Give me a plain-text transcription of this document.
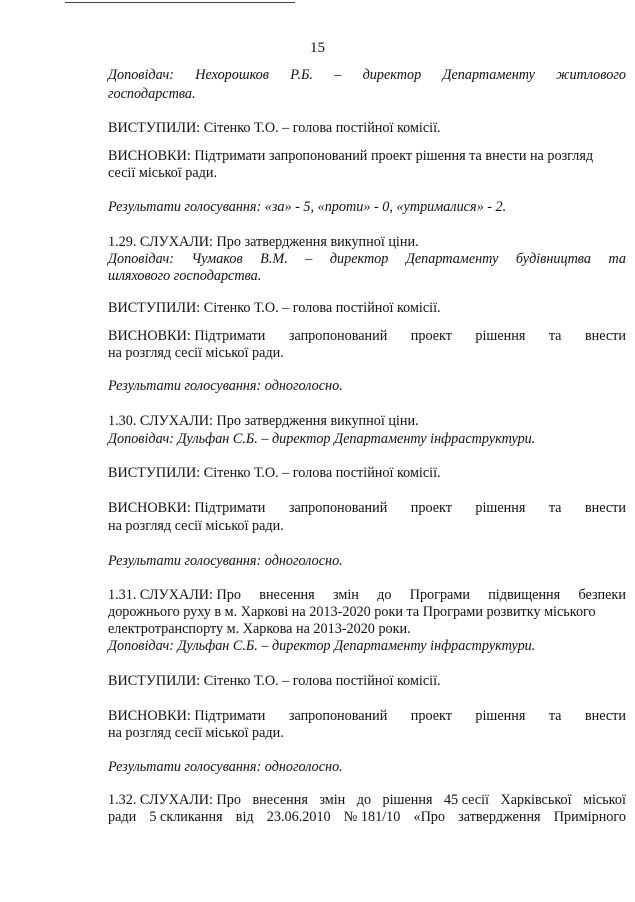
15
Доповідач: Нехорошков Р.Б. – директор Департаменту житлового
господарства.
ВИСТУПИЛИ: Сітенко Т.О. – голова постійної комісії.
ВИСНОВКИ: Підтримати запропонований проект рішення та внести на розгляд
сесії міської ради.
Результати голосування: «за» - 5, «проти» - 0, «утрималися» - 2.
1.29. СЛУХАЛИ: Про затвердження викупної ціни.
Доповідач: Чумаков В.М. – директор Департаменту будівництва та
шляхового господарства.
ВИСТУПИЛИ: Сітенко Т.О. – голова постійної комісії.
ВИСНОВКИ: Підтримати запропонований проект рішення та внести
на розгляд сесії міської ради.
Результати голосування: одноголосно.
1.30. СЛУХАЛИ: Про затвердження викупної ціни.
Доповідач: Дульфан С.Б. – директор Департаменту інфраструктури.
ВИСТУПИЛИ: Сітенко Т.О. – голова постійної комісії.
ВИСНОВКИ: Підтримати запропонований проект рішення та внести
на розгляд сесії міської ради.
Результати голосування: одноголосно.
1.31. СЛУХАЛИ: Про внесення змін до Програми підвищення безпеки
дорожнього руху в м. Харкові на 2013-2020 роки та Програми розвитку міського
електротранспорту м. Харкова на 2013-2020 роки.
Доповідач: Дульфан С.Б. – директор Департаменту інфраструктури.
ВИСТУПИЛИ: Сітенко Т.О. – голова постійної комісії.
ВИСНОВКИ: Підтримати запропонований проект рішення та внести
на розгляд сесії міської ради.
Результати голосування: одноголосно.
1.32. СЛУХАЛИ: Про внесення змін до рішення 45 сесії Харківської міської
ради 5 скликання від 23.06.2010 № 181/10 «Про затвердження Примірного
